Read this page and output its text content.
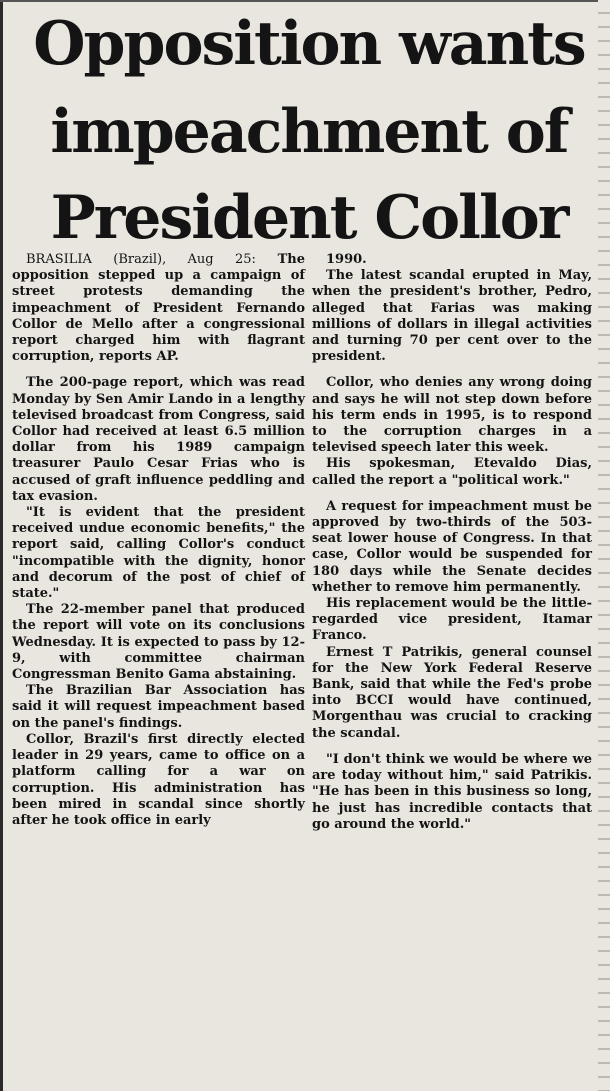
Opposition wants
impeachment of
President Collor

BRASILIA (Brazil), Aug 25: The opposition stepped up a campaign of street protests demanding the impeachment of President Fernando Collor de Mello after a congressional report charged him with flagrant corruption, reports AP.

The 200-page report, which was read Monday by Sen Amir Lando in a lengthy televised broadcast from Congress, said Collor had received at least 6.5 million dollar from his 1989 campaign treasurer Paulo Cesar Frias who is accused of graft influence peddling and tax evasion.

"It is evident that the president received undue economic benefits," the report said, calling Collor's conduct "incompatible with the dignity, honor and decorum of the post of chief of state."

The 22-member panel that produced the report will vote on its conclusions Wednesday. It is expected to pass by 12-9, with committee chairman Congressman Benito Gama abstaining.

The Brazilian Bar Association has said it will request impeachment based on the panel's findings.

Collor, Brazil's first directly elected leader in 29 years, came to office on a platform calling for a war on corruption. His administration has been mired in scandal since shortly after he took office in early

1990.

The latest scandal erupted in May, when the president's brother, Pedro, alleged that Farias was making millions of dollars in illegal activities and turning 70 per cent over to the president.

Collor, who denies any wrong doing and says he will not step down before his term ends in 1995, is to respond to the corruption charges in a televised speech later this week.

His spokesman, Etevaldo Dias, called the report a "political work."

A request for impeachment must be approved by two-thirds of the 503-seat lower house of Congress. In that case, Collor would be suspended for 180 days while the Senate decides whether to remove him permanently.

His replacement would be the little-regarded vice president, Itamar Franco.

Ernest T Patrikis, general counsel for the New York Federal Reserve Bank, said that while the Fed's probe into BCCI would have continued, Morgenthau was crucial to cracking the scandal.

"I don't think we would be where we are today without him," said Patrikis. "He has been in this business so long, he just has incredible contacts that go around the world."
